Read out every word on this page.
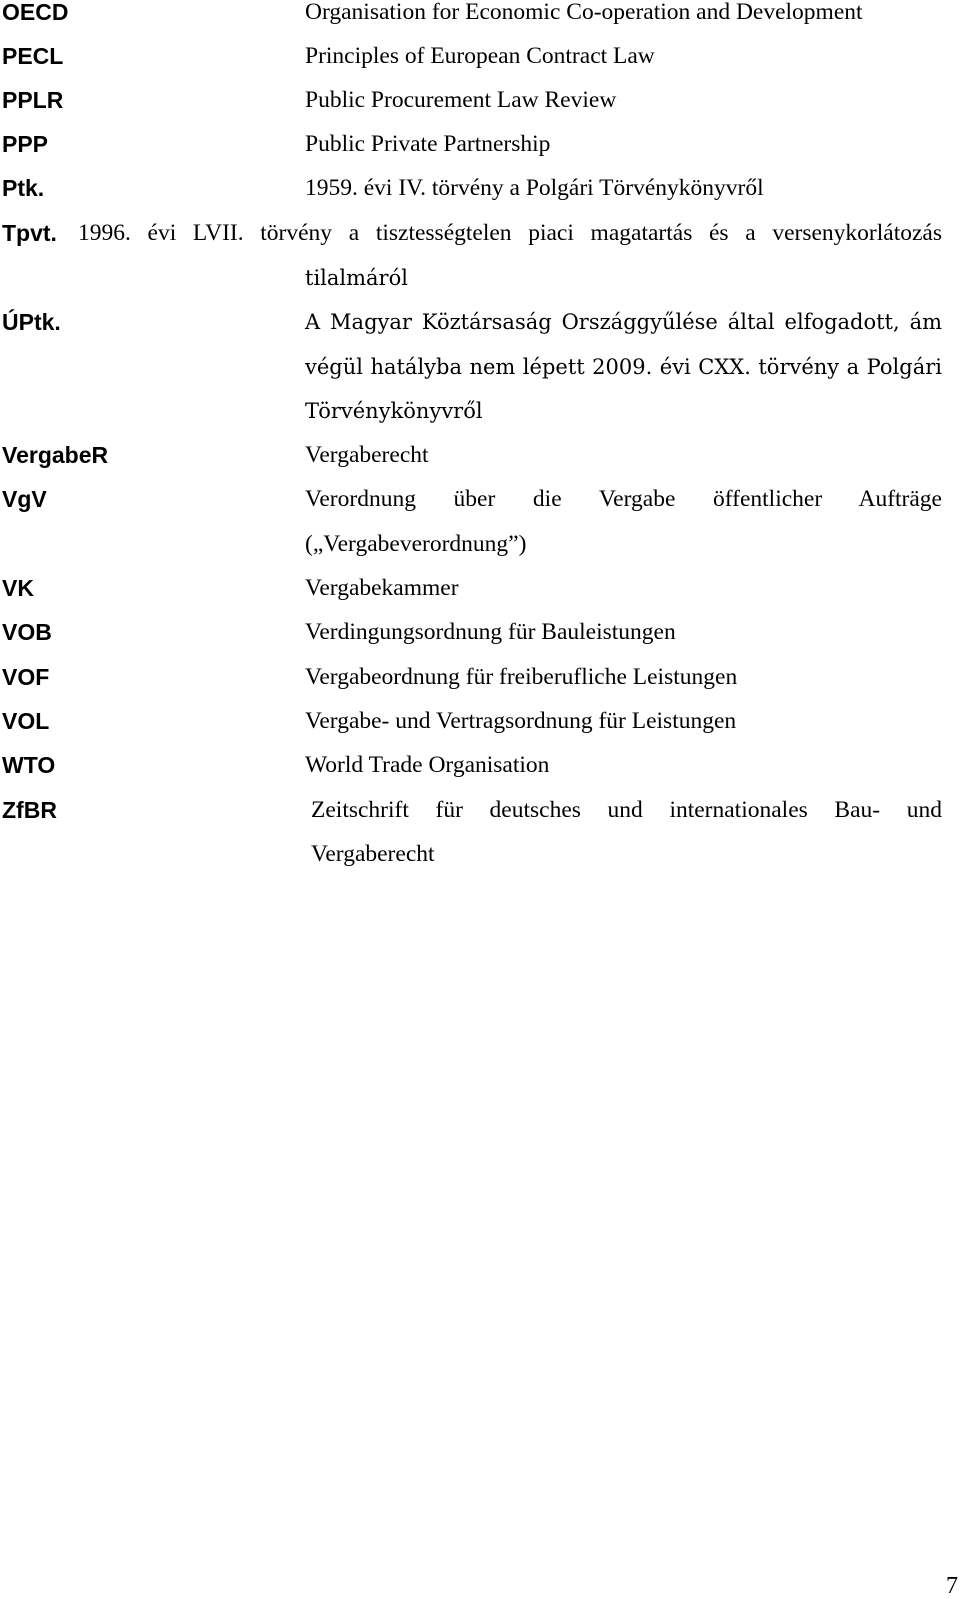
OECD	Organisation for Economic Co-operation and Development
PECL	Principles of European Contract Law
PPLR	Public Procurement Law Review
PPP	Public Private Partnership
Ptk.	1959. évi IV. törvény a Polgári Törvénykönyvről
Tpvt. 1996. évi LVII. törvény a tisztességtelen piaci magatartás és a versenykorlátozás
tilalmáról
ÚPtk.	A Magyar Köztársaság Országgyűlése által elfogadott, ám
végül hatályba nem lépett 2009. évi CXX. törvény a Polgári
Törvénykönyvről
VergabeR	Vergaberecht
VgV	Verordnung über die Vergabe öffentlicher Aufträge
(„Vergabeverordnung”)
VK	Vergabekammer
VOB	Verdingungsordnung für Bauleistungen
VOF	Vergabeordnung für freiberufliche Leistungen
VOL	Vergabe- und Vertragsordnung für Leistungen
WTO	World Trade Organisation
ZfBR	Zeitschrift für deutsches und internationales Bau- und
Vergaberecht
7
